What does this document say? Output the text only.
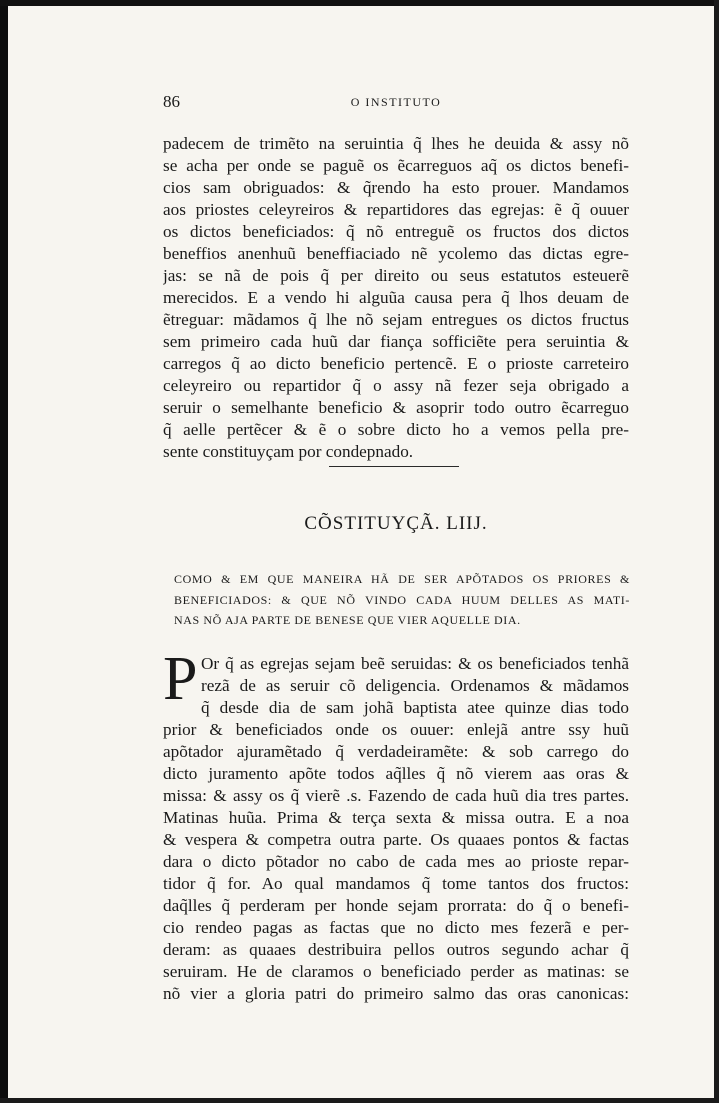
86	O INSTITUTO
padecem de trimẽto na seruintia q̃ lhes he deuida & assy nõ
se acha per onde se paguẽ os ẽcarreguos aq̃ os dictos benefi-
cios sam obriguados: & q̃rendo ha esto prouer. Mandamos
aos priostes celeyreiros & repartidores das egrejas: ẽ q̃ ouuer
os dictos beneficiados: q̃ nõ entreguẽ os fructos dos dictos
beneffios anenhuũ beneffiaciado nẽ ycolemo das dictas egre-
jas: se nã de pois q̃ per direito ou seus estatutos esteuerẽ
merecidos. E a vendo hi alguũa causa pera q̃ lhos deuam de
ẽtreguar: mãdamos q̃ lhe nõ sejam entregues os dictos fructus
sem primeiro cada huũ dar fiança sofficiẽte pera seruintia &
carregos q̃ ao dicto beneficio pertencẽ. E o prioste carreteiro
celeyreiro ou repartidor q̃ o assy nã fezer seja obrigado a
seruir o semelhante beneficio & asoprir todo outro ẽcarreguo
q̃ aelle pertẽcer & ẽ o sobre dicto ho a vemos pella pre-
sente constituyçam por condepnado.
CÕSTITUYÇÃ. LIIJ.
COMO & EM QUE MANEIRA HÃ DE SER APÕTADOS OS PRIORES &
BENEFICIADOS: & QUE NÕ VINDO CADA HUUM DELLES AS MATI-
NAS NÕ AJA PARTE DE BENESE QUE VIER AQUELLE DIA.
P Or q̃ as egrejas sejam beẽ seruidas: & os beneficiados tenhã
rezã de as seruir cõ deligencia. Ordenamos & mãdamos
q̃ desde dia de sam johã baptista atee quinze dias todo
prior & beneficiados onde os ouuer: enlejã antre ssy huũ
apõtador ajuramẽtado q̃ verdadeiramẽte: & sob carrego do
dicto juramento apõte todos aq̃lles q̃ nõ vierem aas oras &
missa: & assy os q̃ vierẽ .s. Fazendo de cada huũ dia tres partes.
Matinas huũa. Prima & terça sexta & missa outra. E a noa
& vespera & competra outra parte. Os quaaes pontos & factas
dara o dicto põtador no cabo de cada mes ao prioste repar-
tidor q̃ for. Ao qual mandamos q̃ tome tantos dos fructos:
daq̃lles q̃ perderam per honde sejam prorrata: do q̃ o benefi-
cio rendeo pagas as factas que no dicto mes fezerã e per-
deram: as quaaes destribuira pellos outros segundo achar q̃
seruiram. He de claramos o beneficiado perder as matinas: se
nõ vier a gloria patri do primeiro salmo das oras canonicas:
